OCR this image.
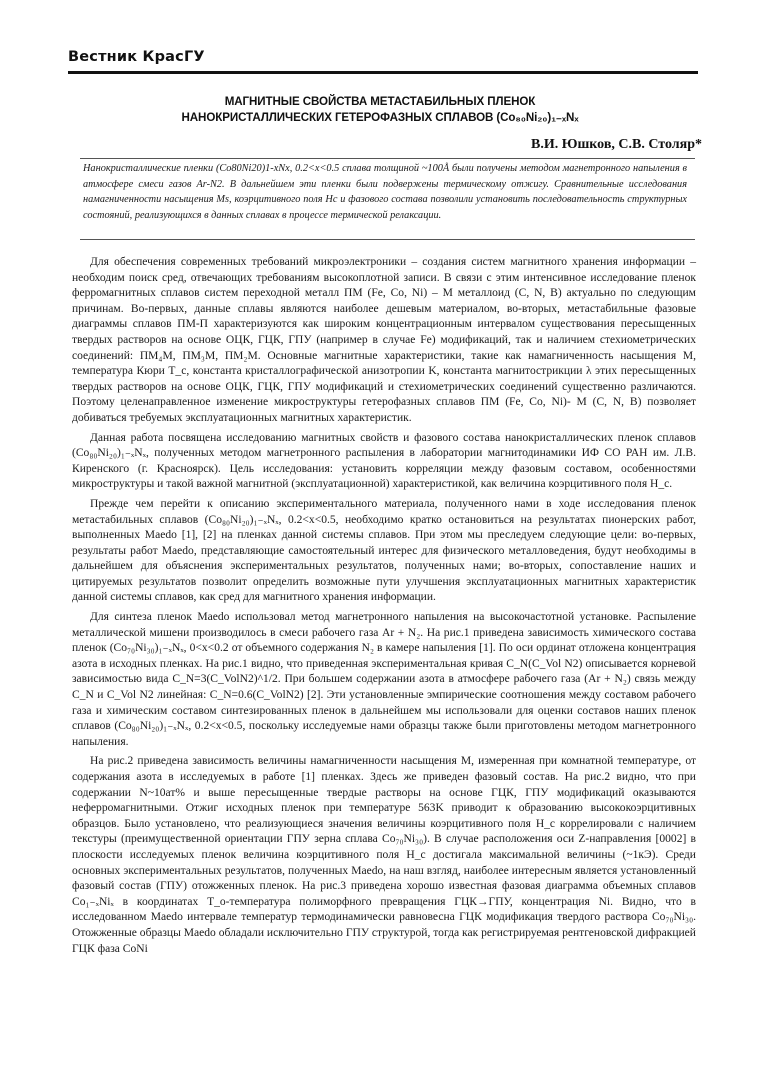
Вестник КрасГУ
МАГНИТНЫЕ СВОЙСТВА МЕТАСТАБИЛЬНЫХ ПЛЕНОК
НАНОКРИСТАЛЛИЧЕСКИХ ГЕТЕРОФАЗНЫХ СПЛАВОВ (Co₈₀Ni₂₀)₁₋ₓNₓ
В.И. Юшков, С.В. Столяр*
Нанокристаллические пленки (Co80Ni20)1-xNx, 0.2<x<0.5 сплава толщиной ~100Å были получены методом магнетронного напыления в атмосфере смеси газов Ar-N2. В дальнейшем эти пленки были подвержены термическому отжигу. Сравнительные исследования намагниченности насыщения Ms, коэрцитивного поля Hc и фазового состава позволили установить последовательность структурных состояний, реализующихся в данных сплавах в процессе термической релаксации.

Для обеспечения современных требований микроэлектроники – создания систем магнитного хранения информации – необходим поиск сред, отвечающих требованиям высокоплотной записи. В связи с этим интенсивное исследование пленок ферромагнитных сплавов систем переходной металл ПМ (Fe, Co, Ni) – М металлоид (C, N, B) актуально по следующим причинам. Во-первых, данные сплавы являются наиболее дешевым материалом, во-вторых, метастабильные фазовые диаграммы сплавов ПМ-П характеризуются как широким концентрационным интервалом существования пересыщенных твердых растворов на основе ОЦК, ГЦК, ГПУ (например в случае Fe) модификаций, так и наличием стехиометрических соединений: ПМ₄М, ПМ₃М, ПМ₂М. Основные магнитные характеристики, такие как намагниченность насыщения M, температура Кюри T_c, константа кристаллографической анизотропии K, константа магнитострикции λ этих пересыщенных твердых растворов на основе ОЦК, ГЦК, ГПУ модификаций и стехиометрических соединений существенно различаются. Поэтому целенаправленное изменение микроструктуры гетерофазных сплавов ПМ (Fe, Co, Ni)- M (C, N, B) позволяет добиваться требуемых эксплуатационных магнитных характеристик.

Данная работа посвящена исследованию магнитных свойств и фазового состава нанокристаллических пленок сплавов (Co₈₀Ni₂₀)₁₋ₓNₓ, полученных методом магнетронного распыления в лаборатории магнитодинамики ИФ СО РАН им. Л.В. Киренского (г. Красноярск). Цель исследования: установить корреляции между фазовым составом, особенностями микроструктуры и такой важной магнитной (эксплуатационной) характеристикой, как величина коэрцитивного поля H_c.

Прежде чем перейти к описанию экспериментального материала, полученного нами в ходе исследования пленок метастабильных сплавов (Co₈₀Ni₂₀)₁₋ₓNₓ, 0.2<x<0.5, необходимо кратко остановиться на результатах пионерских работ, выполненных Maedo [1], [2] на пленках данной системы сплавов. При этом мы преследуем следующие цели: во-первых, результаты работ Maedo, представляющие самостоятельный интерес для физического металловедения, будут необходимы в дальнейшем для объяснения экспериментальных результатов, полученных нами; во-вторых, сопоставление наших и цитируемых результатов позволит определить возможные пути улучшения эксплуатационных магнитных характеристик данной системы сплавов, как сред для магнитного хранения информации.

Для синтеза пленок Maedo использовал метод магнетронного напыления на высокочастотной установке. Распыление металлической мишени производилось в смеси рабочего газа Ar + N₂. На рис.1 приведена зависимость химического состава пленок (Co₇₀Ni₃₀)₁₋ₓNₓ, 0<x<0.2 от объемного содержания N₂ в камере напыления [1]. По оси ординат отложена концентрация азота в исходных пленках. На рис.1 видно, что приведенная экспериментальная кривая C_N(C_Vol N2) описывается корневой зависимостью вида C_N=3(C_VolN2)^1/2. При большем содержании азота в атмосфере рабочего газа (Ar + N₂) связь между C_N и C_Vol N2 линейная: C_N=0.6(C_VolN2) [2]. Эти установленные эмпирические соотношения между составом рабочего газа и химическим составом синтезированных пленок в дальнейшем мы использовали для оценки составов наших пленок сплавов (Co₈₀Ni₂₀)₁₋ₓNₓ, 0.2<x<0.5, поскольку исследуемые нами образцы также были приготовлены методом магнетронного напыления.

На рис.2 приведена зависимость величины намагниченности насыщения M, измеренная при комнатной температуре, от содержания азота в исследуемых в работе [1] пленках. Здесь же приведен фазовый состав. На рис.2 видно, что при содержании N~10ат% и выше пересыщенные твердые растворы на основе ГЦК, ГПУ модификаций оказываются неферромагнитными. Отжиг исходных пленок при температуре 563K приводит к образованию высококоэрцитивных образцов. Было установлено, что реализующиеся значения величины коэрцитивного поля H_c коррелировали с наличием текстуры (преимущественной ориентации ГПУ зерна сплава Co₇₀Ni₃₀). В случае расположения оси Z-направления [0002] в плоскости исследуемых пленок величина коэрцитивного поля H_c достигала максимальной величины (~1кЭ). Среди основных экспериментальных результатов, полученных Maedo, на наш взгляд, наиболее интересным является установленный фазовый состав (ГПУ) отожженных пленок. На рис.3 приведена хорошо известная фазовая диаграмма объемных сплавов Co₁₋ₓNiₓ в координатах T_o-температура полиморфного превращения ГЦК→ГПУ, концентрация Ni. Видно, что в исследованном Maedo интервале температур термодинамически равновесна ГЦК модификация твердого раствора Co₇₀Ni₃₀. Отожженные образцы Maedo обладали исключительно ГПУ структурой, тогда как регистрируемая рентгеновской дифракцией ГЦК фаза CoNi
